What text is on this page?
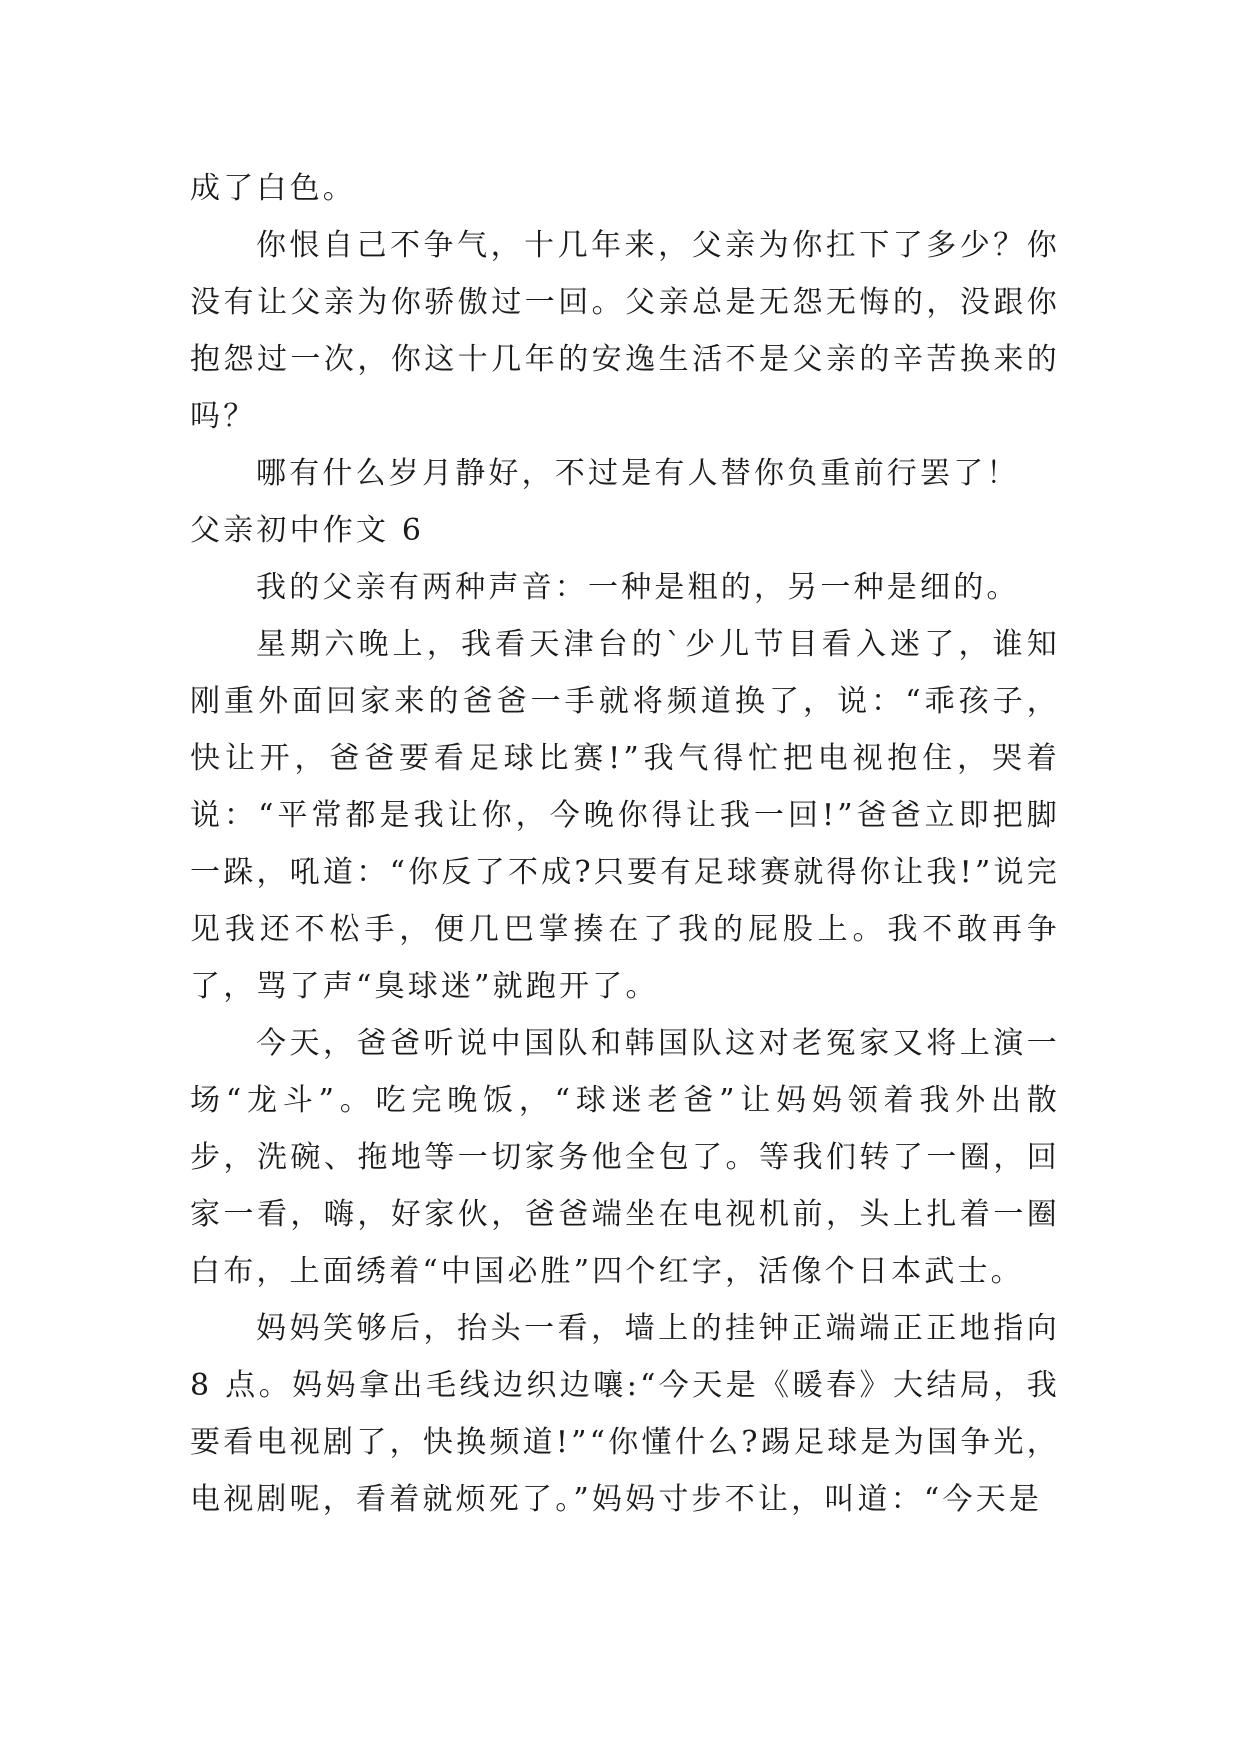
成了白色。

你恨自己不争气，十几年来，父亲为你扛下了多少？你没有让父亲为你骄傲过一回。父亲总是无怨无悔的，没跟你抱怨过一次，你这十几年的安逸生活不是父亲的辛苦换来的吗？

哪有什么岁月静好，不过是有人替你负重前行罢了！

父亲初中作文 6

我的父亲有两种声音：一种是粗的，另一种是细的。

星期六晚上，我看天津台的`少儿节目看入迷了，谁知刚重外面回家来的爸爸一手就将频道换了，说：“乖孩子，快让开，爸爸要看足球比赛!”我气得忙把电视抱住，哭着说：“平常都是我让你，今晚你得让我一回!”爸爸立即把脚一跺，吼道：“你反了不成?只要有足球赛就得你让我!”说完见我还不松手，便几巴掌揍在了我的屁股上。我不敢再争了，骂了声“臭球迷”就跑开了。

今天，爸爸听说中国队和韩国队这对老冤家又将上演一场“龙斗”。吃完晚饭，“球迷老爸”让妈妈领着我外出散步，洗碗、拖地等一切家务他全包了。等我们转了一圈，回家一看，嗨，好家伙，爸爸端坐在电视机前，头上扎着一圈白布，上面绣着“中国必胜”四个红字，活像个日本武士。

妈妈笑够后，抬头一看，墙上的挂钟正端端正正地指向 8 点。妈妈拿出毛线边织边嚷:“今天是《暖春》大结局，我要看电视剧了，快换频道!”“你懂什么?踢足球是为国争光，电视剧呢，看着就烦死了。”妈妈寸步不让，叫道：“今天是
